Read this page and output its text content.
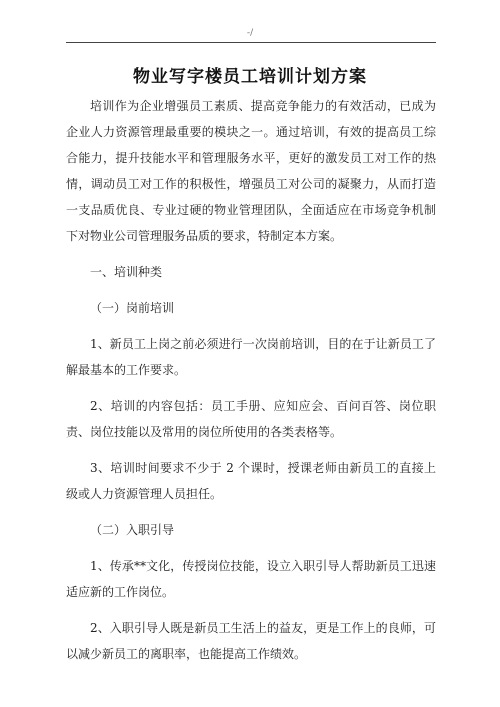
-/
物业写字楼员工培训计划方案

培训作为企业增强员工素质、提高竞争能力的有效活动，已成为企业人力资源管理最重要的模块之一。通过培训，有效的提高员工综合能力，提升技能水平和管理服务水平，更好的激发员工对工作的热情，调动员工对工作的积极性，增强员工对公司的凝聚力，从而打造一支品质优良、专业过硬的物业管理团队，全面适应在市场竞争机制下对物业公司管理服务品质的要求，特制定本方案。

一、培训种类

（一）岗前培训

1、新员工上岗之前必须进行一次岗前培训，目的在于让新员工了解最基本的工作要求。

2、培训的内容包括：员工手册、应知应会、百问百答、岗位职责、岗位技能以及常用的岗位所使用的各类表格等。

3、培训时间要求不少于 2 个课时，授课老师由新员工的直接上级或人力资源管理人员担任。

（二）入职引导

1、传承**文化，传授岗位技能，设立入职引导人帮助新员工迅速适应新的工作岗位。

2、入职引导人既是新员工生活上的益友，更是工作上的良师，可以减少新员工的离职率，也能提高工作绩效。
